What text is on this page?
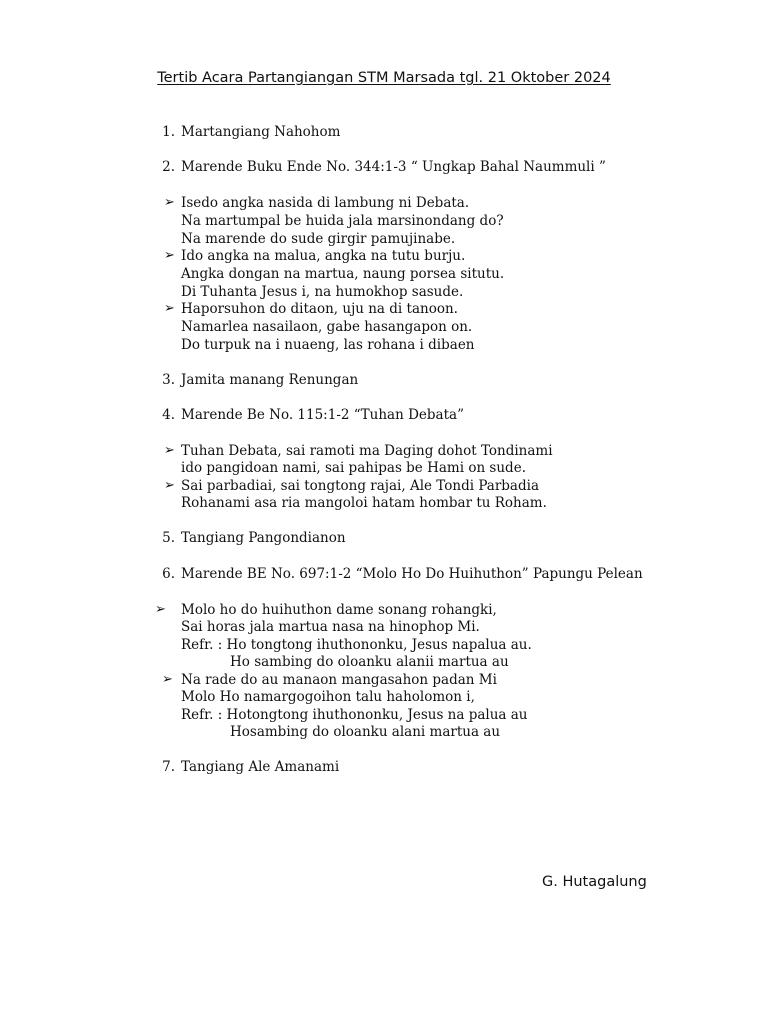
Tertib Acara Partangiangan STM Marsada tgl. 21 Oktober 2024
1. Martangiang Nahohom
2. Marende Buku Ende No. 344:1-3 “ Ungkap Bahal Naummuli ”
➢ Isedo angka nasida di lambung ni Debata.
Na martumpal be huida jala marsinondang do?
Na marende do sude girgir pamujinabe.
➢ Ido angka na malua, angka na tutu burju.
Angka dongan na martua, naung porsea situtu.
Di Tuhanta Jesus i, na humokhop sasude.
➢ Haporsuhon do ditaon, uju na di tanoon.
Namarlea nasailaon, gabe hasangapon on.
Do turpuk na i nuaeng, las rohana i dibaen
3. Jamita manang Renungan
4. Marende Be No. 115:1-2 “Tuhan Debata”
➢ Tuhan Debata, sai ramoti ma Daging dohot Tondinami
ido pangidoan nami, sai pahipas be Hami on sude.
➢ Sai parbadiai, sai tongtong rajai, Ale Tondi Parbadia
Rohanami asa ria mangoloi hatam hombar tu Roham.
5. Tangiang Pangondianon
6. Marende BE No. 697:1-2 “Molo Ho Do Huihuthon” Papungu Pelean
➢ Molo ho do huihuthon dame sonang rohangki,
Sai horas jala martua nasa na hinophop Mi.
Refr. : Ho tongtong ihuthononku, Jesus napalua au.
Ho sambing do oloanku alanii martua au
➢ Na rade do au manaon mangasahon padan Mi
Molo Ho namargogoihon talu haholomon i,
Refr. : Hotongtong ihuthononku, Jesus na palua au
Hosambing do oloanku alani martua au
7. Tangiang Ale Amanami
G. Hutagalung
